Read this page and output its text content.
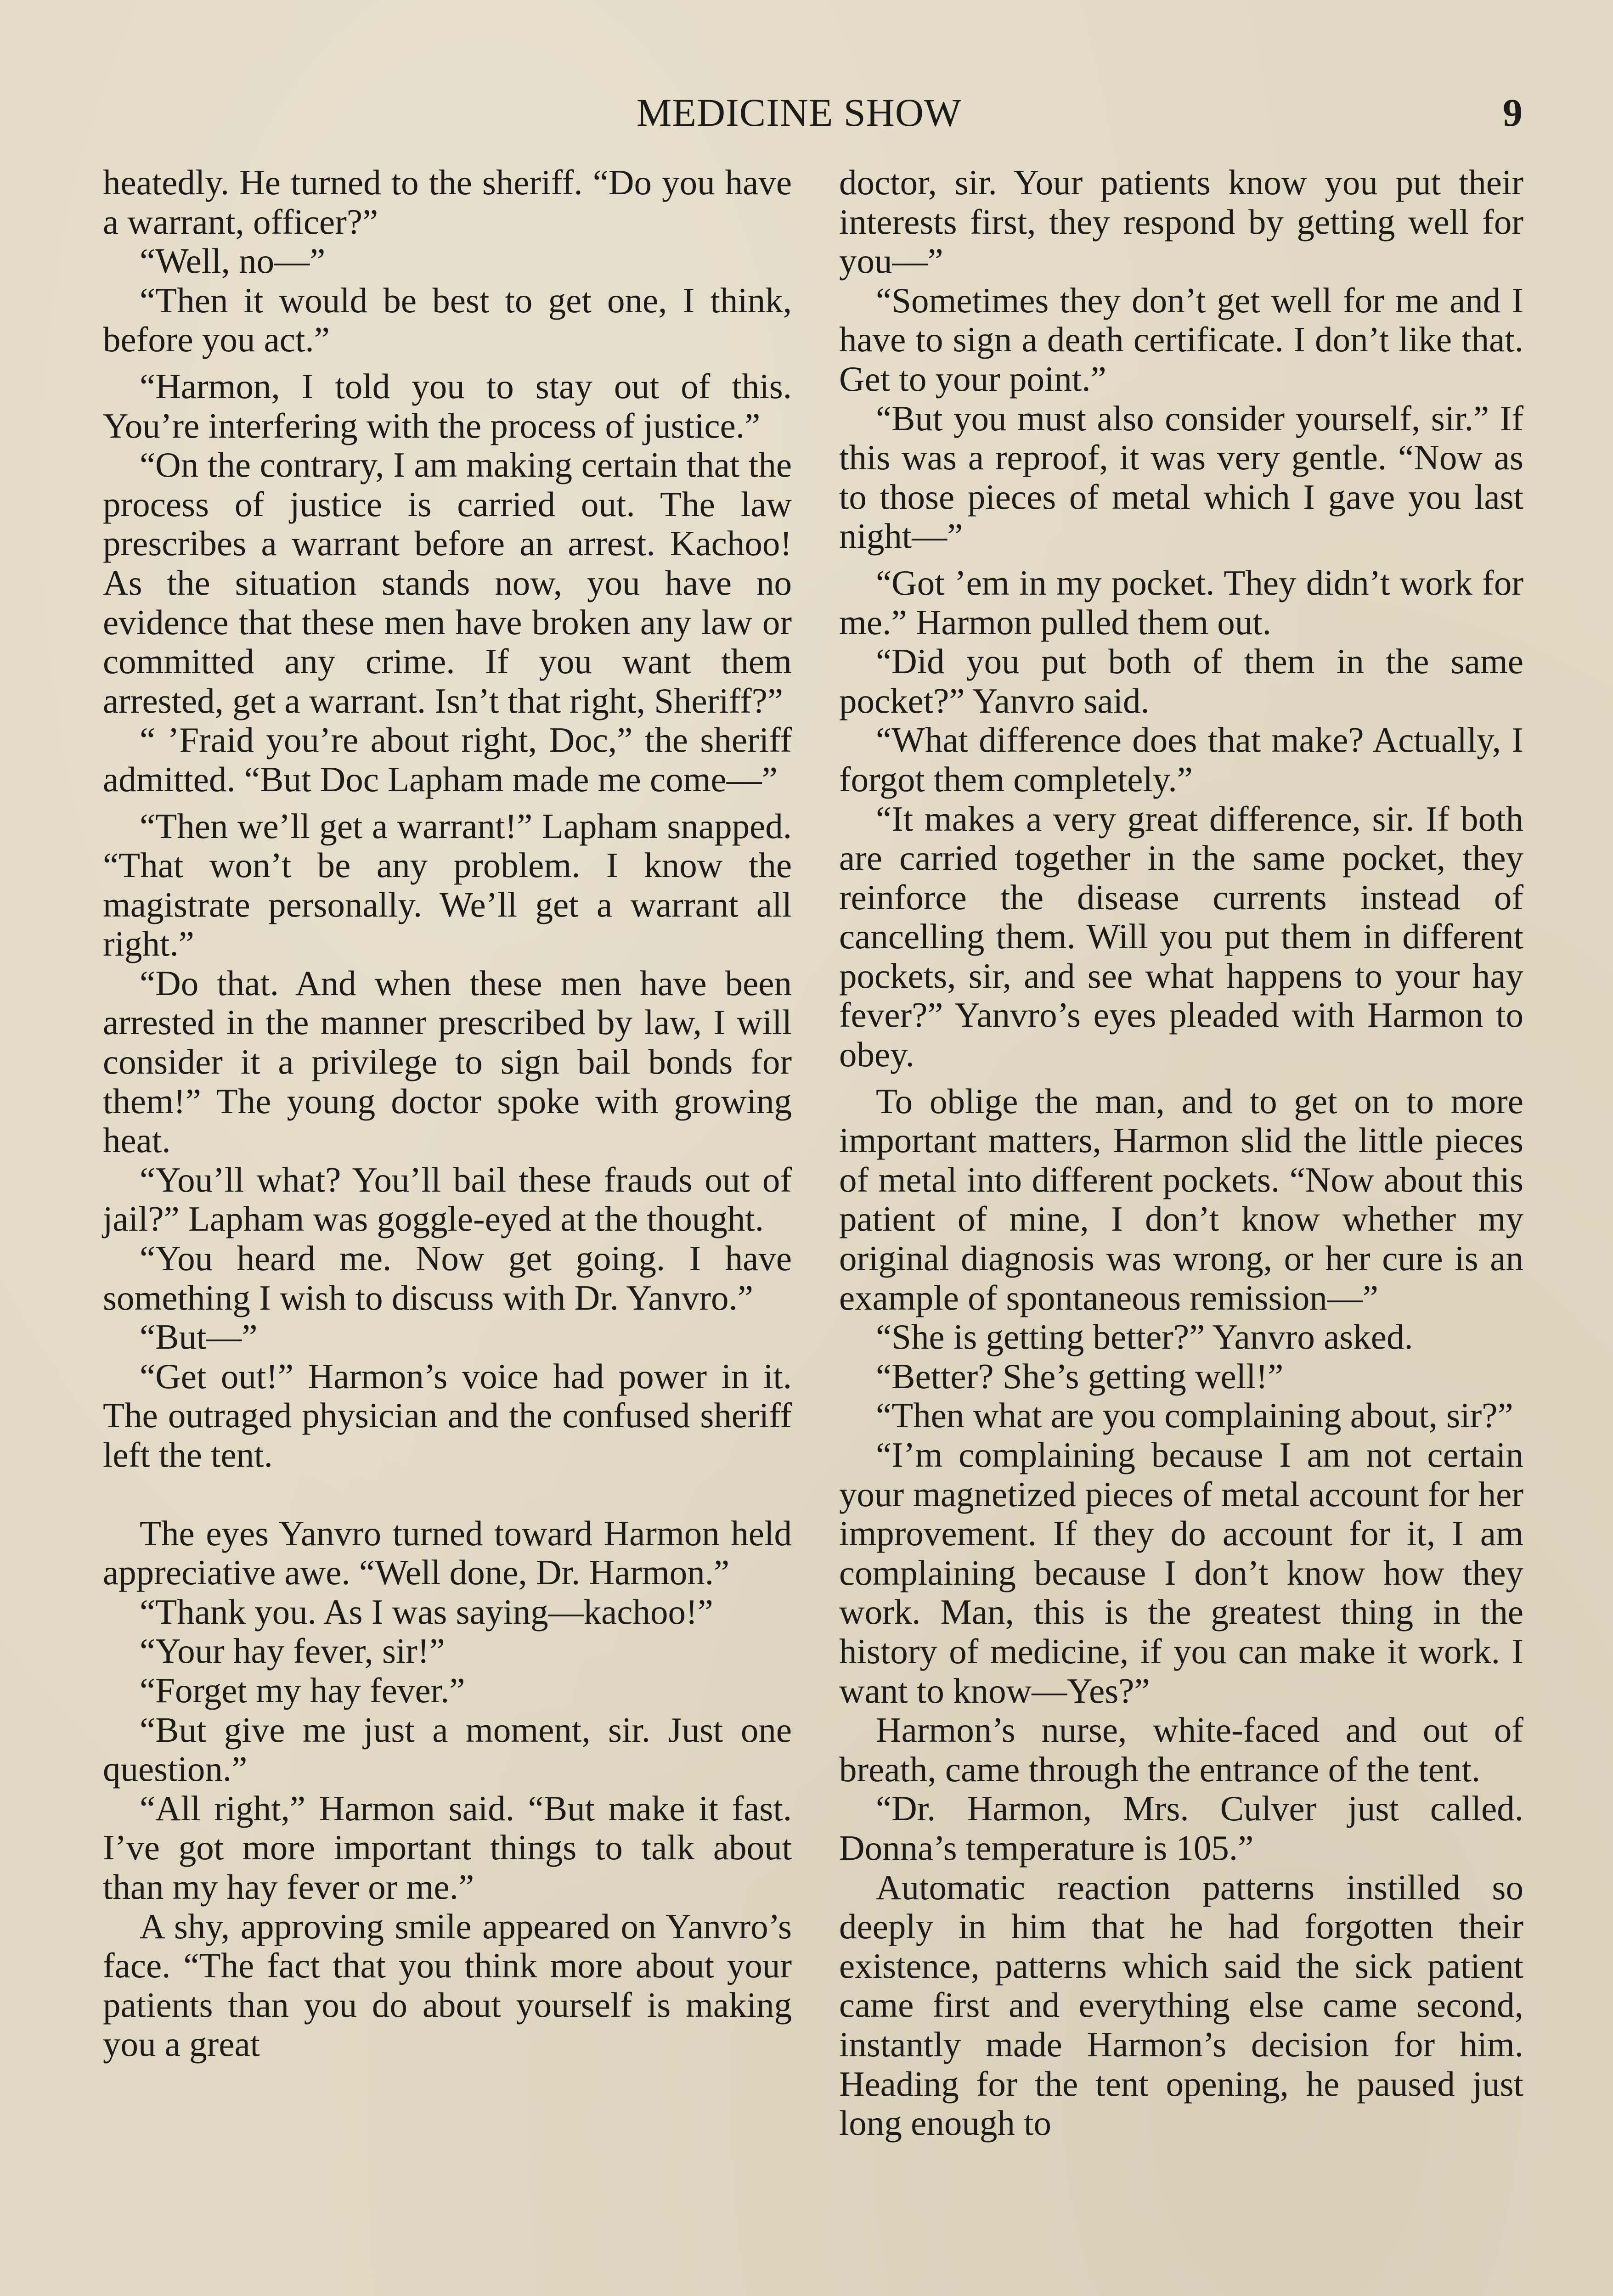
MEDICINE SHOW	9

heatedly. He turned to the sheriff. “Do you have a warrant, officer?”

“Well, no—”

“Then it would be best to get one, I think, before you act.”

“Harmon, I told you to stay out of this. You’re interfering with the process of justice.”

“On the contrary, I am making certain that the process of justice is carried out. The law prescribes a warrant before an arrest. Kachoo! As the situation stands now, you have no evidence that these men have broken any law or committed any crime. If you want them arrested, get a warrant. Isn’t that right, Sheriff?”

“ ’Fraid you’re about right, Doc,” the sheriff admitted. “But Doc Lapham made me come—”

“Then we’ll get a warrant!” Lapham snapped. “That won’t be any problem. I know the magistrate personally. We’ll get a warrant all right.”

“Do that. And when these men have been arrested in the manner prescribed by law, I will consider it a privilege to sign bail bonds for them!” The young doctor spoke with growing heat.

“You’ll what? You’ll bail these frauds out of jail?” Lapham was goggle-eyed at the thought.

“You heard me. Now get going. I have something I wish to discuss with Dr. Yanvro.”

“But—”

“Get out!” Harmon’s voice had power in it. The outraged physician and the confused sheriff left the tent.

The eyes Yanvro turned toward Harmon held appreciative awe. “Well done, Dr. Harmon.”

“Thank you. As I was saying—kachoo!”

“Your hay fever, sir!”

“Forget my hay fever.”

“But give me just a moment, sir. Just one question.”

“All right,” Harmon said. “But make it fast. I’ve got more important things to talk about than my hay fever or me.”

A shy, approving smile appeared on Yanvro’s face. “The fact that you think more about your patients than you do about yourself is making you a great

doctor, sir. Your patients know you put their interests first, they respond by getting well for you—”

“Sometimes they don’t get well for me and I have to sign a death certificate. I don’t like that. Get to your point.”

“But you must also consider yourself, sir.” If this was a reproof, it was very gentle. “Now as to those pieces of metal which I gave you last night—”

“Got ’em in my pocket. They didn’t work for me.” Harmon pulled them out.

“Did you put both of them in the same pocket?” Yanvro said.

“What difference does that make? Actually, I forgot them completely.”

“It makes a very great difference, sir. If both are carried together in the same pocket, they reinforce the disease currents instead of cancelling them. Will you put them in different pockets, sir, and see what happens to your hay fever?” Yanvro’s eyes pleaded with Harmon to obey.

To oblige the man, and to get on to more important matters, Harmon slid the little pieces of metal into different pockets. “Now about this patient of mine, I don’t know whether my original diagnosis was wrong, or her cure is an example of spontaneous remission—”

“She is getting better?” Yanvro asked.

“Better? She’s getting well!”

“Then what are you complaining about, sir?”

“I’m complaining because I am not certain your magnetized pieces of metal account for her improvement. If they do account for it, I am complaining because I don’t know how they work. Man, this is the greatest thing in the history of medicine, if you can make it work. I want to know—Yes?”

Harmon’s nurse, white-faced and out of breath, came through the entrance of the tent.

“Dr. Harmon, Mrs. Culver just called. Donna’s temperature is 105.”

Automatic reaction patterns instilled so deeply in him that he had forgotten their existence, patterns which said the sick patient came first and everything else came second, instantly made Harmon’s decision for him. Heading for the tent opening, he paused just long enough to
